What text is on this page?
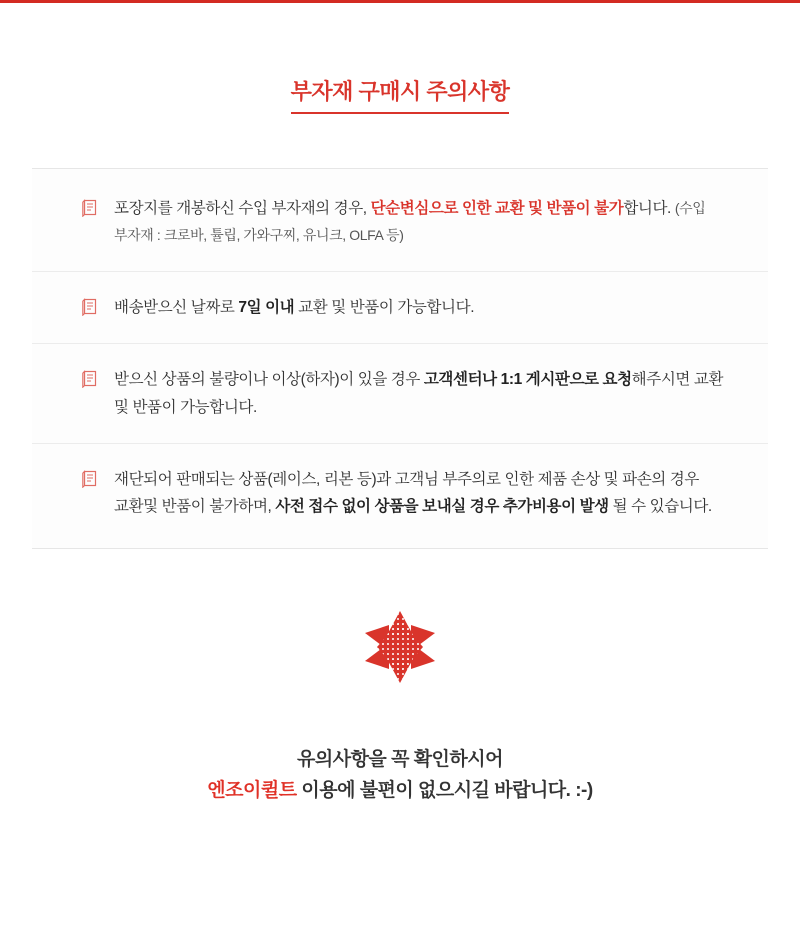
부자재 구매시 주의사항
포장지를 개봉하신 수입 부자재의 경우, 단순변심으로 인한 교환 및 반품이 불가합니다. (수입 부자재 : 크로바, 튤립, 가와구찌, 유니크, OLFA 등)
배송받으신 날짜로 7일 이내 교환 및 반품이 가능합니다.
받으신 상품의 불량이나 이상(하자)이 있을 경우 고객센터나 1:1 게시판으로 요청해주시면 교환 및 반품이 가능합니다.
재단되어 판매되는 상품(레이스, 리본 등)과 고객님 부주의로 인한 제품 손상 및 파손의 경우 교환및 반품이 불가하며, 사전 접수 없이 상품을 보내실 경우 추가비용이 발생 될 수 있습니다.
유의사항을 꼭 확인하시어
엔조이퀼트 이용에 불편이 없으시길 바랍니다. :-)
